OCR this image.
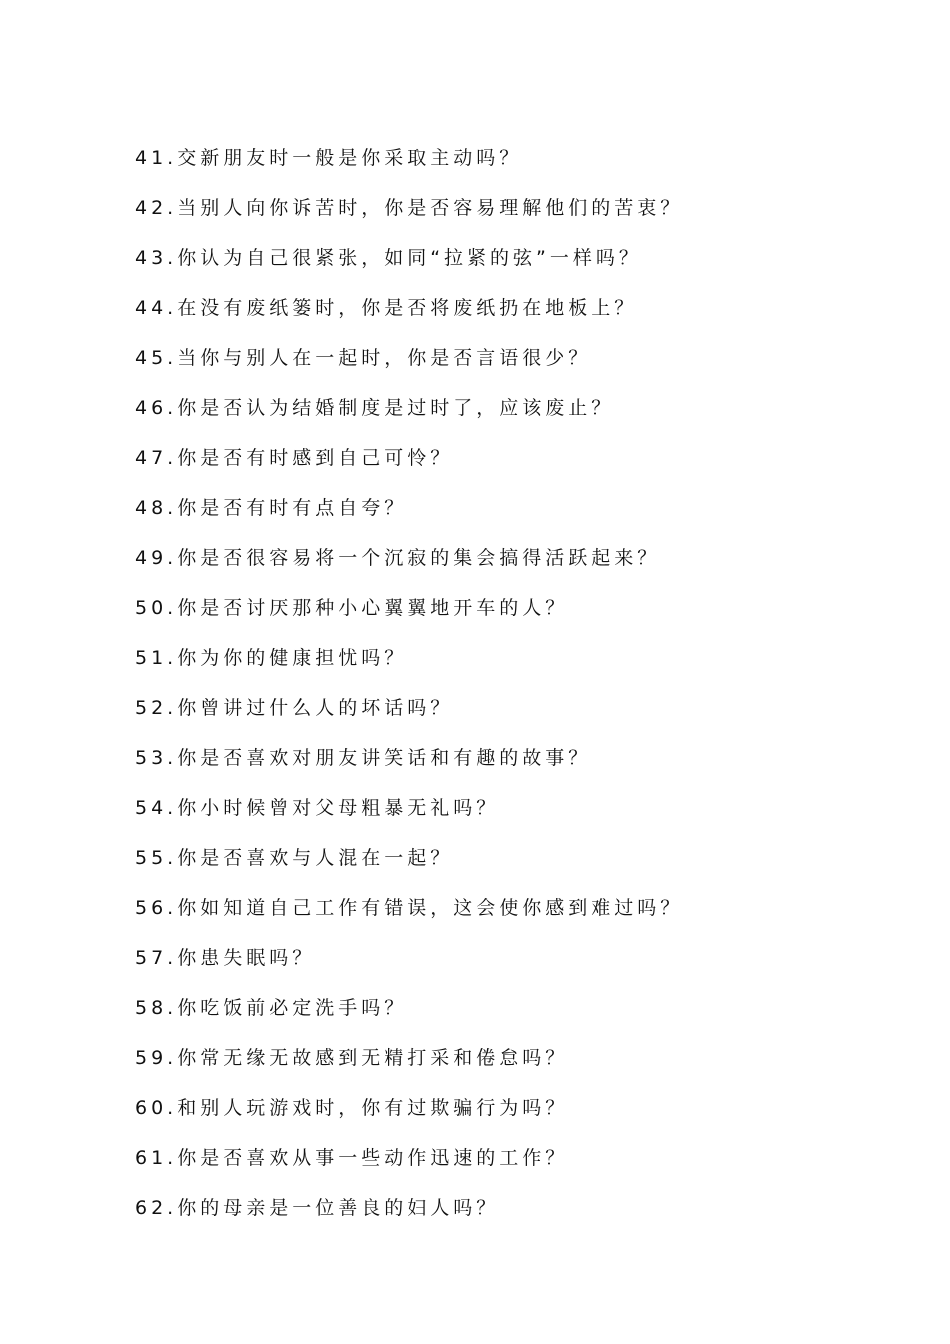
41.交新朋友时一般是你采取主动吗？
42.当别人向你诉苦时，你是否容易理解他们的苦衷？
43.你认为自己很紧张，如同“拉紧的弦”一样吗？
44.在没有废纸篓时，你是否将废纸扔在地板上？
45.当你与别人在一起时，你是否言语很少？
46.你是否认为结婚制度是过时了，应该废止？
47.你是否有时感到自己可怜？
48.你是否有时有点自夸？
49.你是否很容易将一个沉寂的集会搞得活跃起来？
50.你是否讨厌那种小心翼翼地开车的人？
51.你为你的健康担忧吗？
52.你曾讲过什么人的坏话吗？
53.你是否喜欢对朋友讲笑话和有趣的故事？
54.你小时候曾对父母粗暴无礼吗？
55.你是否喜欢与人混在一起？
56.你如知道自己工作有错误，这会使你感到难过吗？
57.你患失眠吗？
58.你吃饭前必定洗手吗？
59.你常无缘无故感到无精打采和倦怠吗？
60.和别人玩游戏时，你有过欺骗行为吗？
61.你是否喜欢从事一些动作迅速的工作？
62.你的母亲是一位善良的妇人吗？
